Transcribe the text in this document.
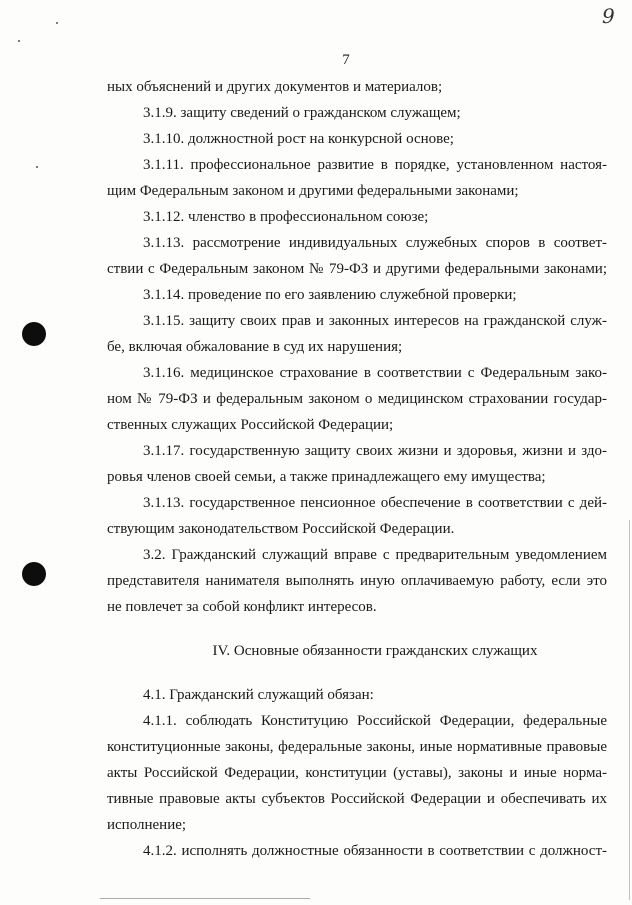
9
7
ных объяснений и других документов и материалов;
3.1.9. защиту сведений о гражданском служащем;
3.1.10. должностной рост на конкурсной основе;
3.1.11. профессиональное развитие в порядке, установленном настоя-
щим Федеральным законом и другими федеральными законами;
3.1.12. членство в профессиональном союзе;
3.1.13. рассмотрение индивидуальных служебных споров в соответ-
ствии с Федеральным законом № 79-ФЗ и другими федеральными законами;
3.1.14. проведение по его заявлению служебной проверки;
3.1.15. защиту своих прав и законных интересов на гражданской служ-
бе, включая обжалование в суд их нарушения;
3.1.16. медицинское страхование в соответствии с Федеральным зако-
ном № 79-ФЗ и федеральным законом о медицинском страховании государ-
ственных служащих Российской Федерации;
3.1.17. государственную защиту своих жизни и здоровья, жизни и здо-
ровья членов своей семьи, а также принадлежащего ему имущества;
3.1.13. государственное пенсионное обеспечение в соответствии с дей-
ствующим законодательством Российской Федерации.
3.2. Гражданский служащий вправе с предварительным уведомлением
представителя нанимателя выполнять иную оплачиваемую работу, если это
не повлечет за собой конфликт интересов.
IV. Основные обязанности гражданских служащих
4.1. Гражданский служащий обязан:
4.1.1. соблюдать Конституцию Российской Федерации, федеральные
конституционные законы, федеральные законы, иные нормативные правовые
акты Российской Федерации, конституции (уставы), законы и иные норма-
тивные правовые акты субъектов Российской Федерации и обеспечивать их
исполнение;
4.1.2. исполнять должностные обязанности в соответствии с должност-
